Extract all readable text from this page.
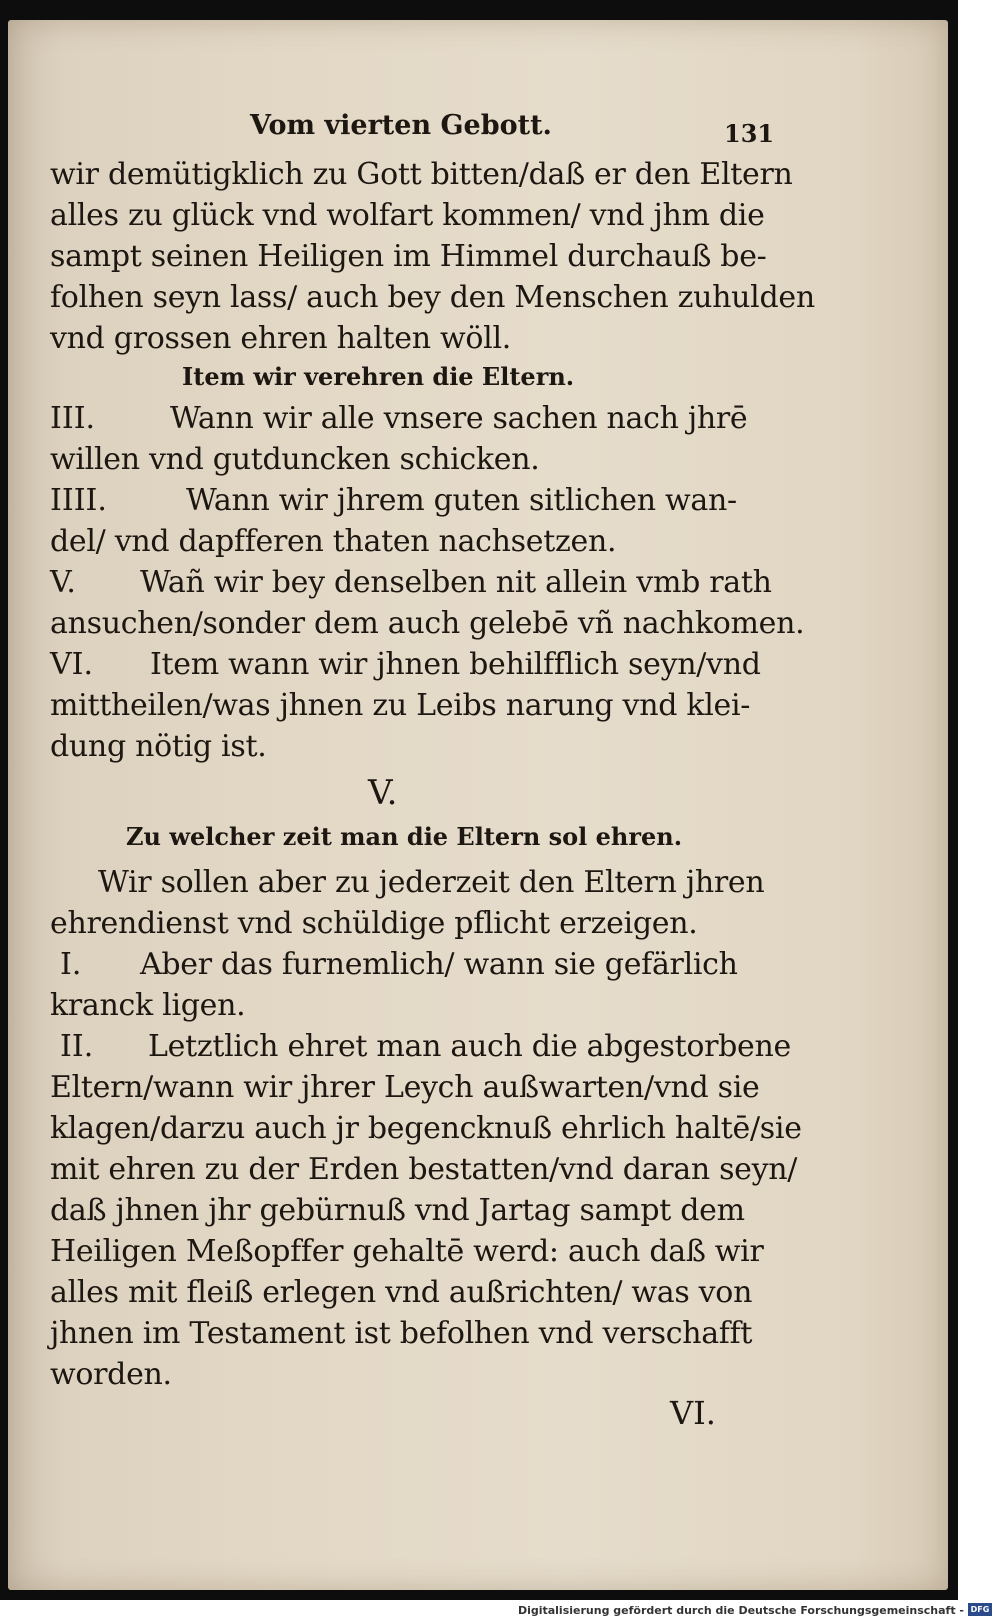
Vom vierten Gebott.	131
wir demütigklich zu Gott bitten/daß er den Eltern
alles zu glück vnd wolfart kommen/ vnd jhm die
sampt seinen Heiligen im Himmel durchauß be-
folhen seyn lass/ auch bey den Menschen zuhulden
vnd grossen ehren halten wöll.
Item wir verehren die Eltern.
III. Wann wir alle vnsere sachen nach jhrē
willen vnd gutduncken schicken.
IIII.	Wann wir jhrem guten sitlichen wan-
del/ vnd dapfferen thaten nachsetzen.
V. Wañ wir bey denselben nit allein vmb rath
ansuchen/sonder dem auch gelebē vñ nachkomen.
VI. Item wann wir jhnen behilfflich seyn/vnd
mittheilen/was jhnen zu Leibs narung vnd klei-
dung nötig ist.
V.
Zu welcher zeit man die Eltern sol ehren.
Wir sollen aber zu jederzeit den Eltern jhren
ehrendienst vnd schüldige pflicht erzeigen.
I. Aber das furnemlich/ wann sie gefärlich
kranck ligen.
II. Letztlich ehret man auch die abgestorbene
Eltern/wann wir jhrer Leych außwarten/vnd sie
klagen/darzu auch jr begencknuß ehrlich haltē/sie
mit ehren zu der Erden bestatten/vnd daran seyn/
daß jhnen jhr gebürnuß vnd Jartag sampt dem
Heiligen Meßopffer gehaltē werd: auch daß wir
alles mit fleiß erlegen vnd außrichten/ was von
jhnen im Testament ist befolhen vnd verschafft
worden.
VI.
Digitalisierung gefördert durch die Deutsche Forschungsgemeinschaft - DFG
